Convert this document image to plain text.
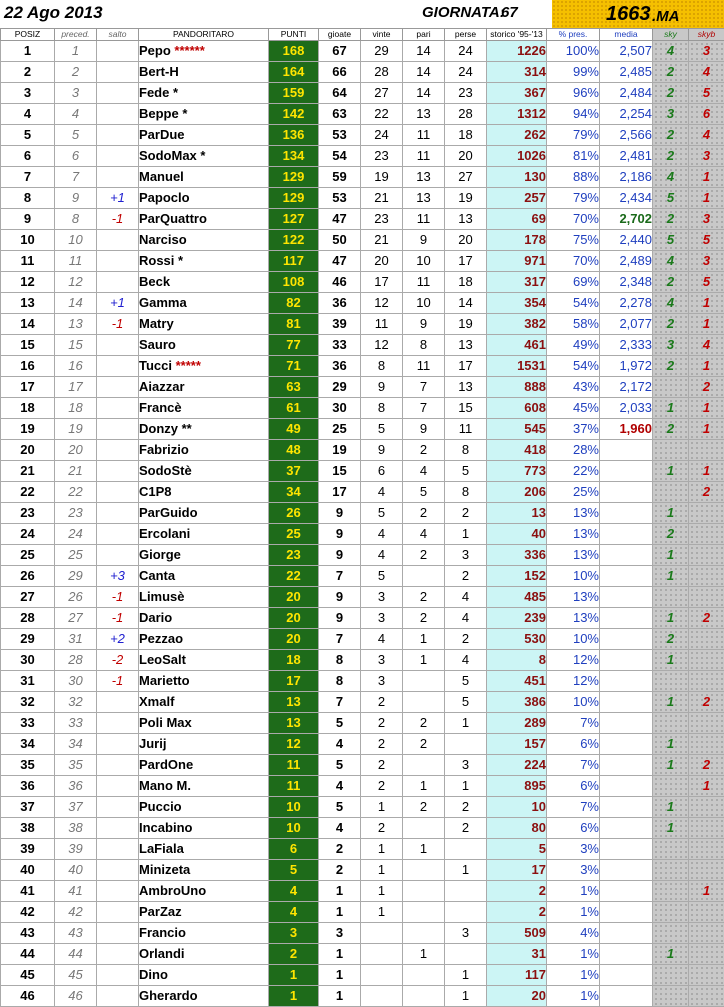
22 Ago 2013	GIORNATA:
67	1663 .MA
POSIZ	preced.	salto	PANDORITARO	PUNTI	gioate	vinte	pari	perse	storico '95-'13	% pres.	media	sky	skyb
1	1		Pepo ******	168	67	29	14	24	1226	100%	2,507	4	3
2	2		Bert-H	164	66	28	14	24	314	99%	2,485	2	4
3	3		Fede *	159	64	27	14	23	367	96%	2,484	2	5
4	4		Beppe *	142	63	22	13	28	1312	94%	2,254	3	6
5	5		ParDue	136	53	24	11	18	262	79%	2,566	2	4
6	6		SodoMax *	134	54	23	11	20	1026	81%	2,481	2	3
7	7		Manuel	129	59	19	13	27	130	88%	2,186	4	1
8	9	+1	Papoclo	129	53	21	13	19	257	79%	2,434	5	1
9	8	-1	ParQuattro	127	47	23	11	13	69	70%	2,702	2	3
10	10		Narciso	122	50	21	9	20	178	75%	2,440	5	5
11	11		Rossi *	117	47	20	10	17	971	70%	2,489	4	3
12	12		Beck	108	46	17	11	18	317	69%	2,348	2	5
13	14	+1	Gamma	82	36	12	10	14	354	54%	2,278	4	1
14	13	-1	Matry	81	39	11	9	19	382	58%	2,077	2	1
15	15		Sauro	77	33	12	8	13	461	49%	2,333	3	4
16	16		Tucci *****	71	36	8	11	17	1531	54%	1,972	2	1
17	17		Aiazzar	63	29	9	7	13	888	43%	2,172		2
18	18		Francè	61	30	8	7	15	608	45%	2,033	1	1
19	19		Donzy **	49	25	5	9	11	545	37%	1,960	2	1
20	20		Fabrizio	48	19	9	2	8	418	28%			
21	21		SodoStè	37	15	6	4	5	773	22%		1	1
22	22		C1P8	34	17	4	5	8	206	25%			2
23	23		ParGuido	26	9	5	2	2	13	13%		1	
24	24		Ercolani	25	9	4	4	1	40	13%		2	
25	25		Giorge	23	9	4	2	3	336	13%		1	
26	29	+3	Canta	22	7	5		2	152	10%		1	
27	26	-1	Limusè	20	9	3	2	4	485	13%			
28	27	-1	Dario	20	9	3	2	4	239	13%		1	2
29	31	+2	Pezzao	20	7	4	1	2	530	10%		2	
30	28	-2	LeoSalt	18	8	3	1	4	8	12%		1	
31	30	-1	Marietto	17	8	3		5	451	12%			
32	32		Xmalf	13	7	2		5	386	10%		1	2
33	33		Poli Max	13	5	2	2	1	289	7%			
34	34		Jurij	12	4	2	2		157	6%		1	
35	35		PardOne	11	5	2		3	224	7%		1	2
36	36		Mano M.	11	4	2	1	1	895	6%			1
37	37		Puccio	10	5	1	2	2	10	7%		1	
38	38		Incabino	10	4	2		2	80	6%		1	
39	39		LaFiala	6	2	1	1		5	3%			
40	40		Minizeta	5	2	1		1	17	3%			
41	41		AmbroUno	4	1	1			2	1%			1
42	42		ParZaz	4	1	1			2	1%			
43	43		Francio	3	3			3	509	4%			
44	44		Orlandi	2	1		1		31	1%		1	
45	45		Dino	1	1			1	117	1%			
46	46		Gherardo	1	1			1	20	1%			
